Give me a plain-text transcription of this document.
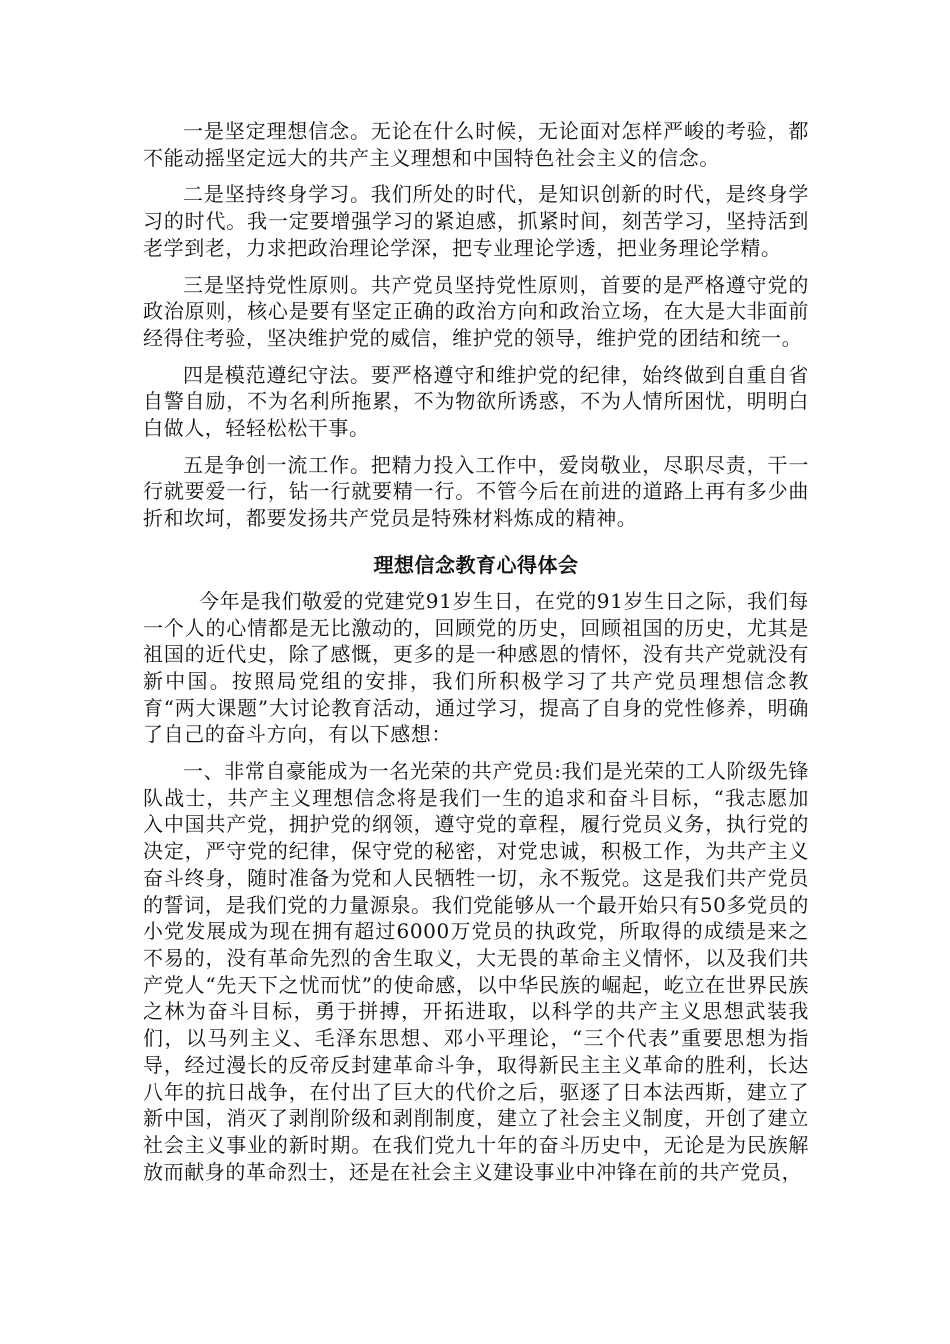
一是坚定理想信念。无论在什么时候，无论面对怎样严峻的考验，都不能动摇坚定远大的共产主义理想和中国特色社会主义的信念。

二是坚持终身学习。我们所处的时代，是知识创新的时代，是终身学习的时代。我一定要增强学习的紧迫感，抓紧时间，刻苦学习，坚持活到老学到老，力求把政治理论学深，把专业理论学透，把业务理论学精。

三是坚持党性原则。共产党员坚持党性原则，首要的是严格遵守党的政治原则，核心是要有坚定正确的政治方向和政治立场，在大是大非面前经得住考验，坚决维护党的威信，维护党的领导，维护党的团结和统一。

四是模范遵纪守法。要严格遵守和维护党的纪律，始终做到自重自省自警自励，不为名利所拖累，不为物欲所诱惑，不为人情所困忧，明明白白做人，轻轻松松干事。

五是争创一流工作。把精力投入工作中，爱岗敬业，尽职尽责，干一行就要爱一行，钻一行就要精一行。不管今后在前进的道路上再有多少曲折和坎坷，都要发扬共产党员是特殊材料炼成的精神。

理想信念教育心得体会

今年是我们敬爱的党建党91岁生日，在党的91岁生日之际，我们每一个人的心情都是无比激动的，回顾党的历史，回顾祖国的历史，尤其是祖国的近代史，除了感慨，更多的是一种感恩的情怀，没有共产党就没有新中国。按照局党组的安排，我们所积极学习了共产党员理想信念教育“两大课题”大讨论教育活动，通过学习，提高了自身的党性修养，明确了自己的奋斗方向，有以下感想：

一、非常自豪能成为一名光荣的共产党员:我们是光荣的工人阶级先锋队战士，共产主义理想信念将是我们一生的追求和奋斗目标，“我志愿加入中国共产党，拥护党的纲领，遵守党的章程，履行党员义务，执行党的决定，严守党的纪律，保守党的秘密，对党忠诚，积极工作，为共产主义奋斗终身，随时准备为党和人民牺牲一切，永不叛党。这是我们共产党员的誓词，是我们党的力量源泉。我们党能够从一个最开始只有50多党员的小党发展成为现在拥有超过6000万党员的执政党，所取得的成绩是来之不易的，没有革命先烈的舍生取义，大无畏的革命主义情怀，以及我们共产党人“先天下之忧而忧”的使命感，以中华民族的崛起，屹立在世界民族之林为奋斗目标，勇于拼搏，开拓进取，以科学的共产主义思想武装我们，以马列主义、毛泽东思想、邓小平理论，“三个代表”重要思想为指导，经过漫长的反帝反封建革命斗争，取得新民主主义革命的胜利，长达八年的抗日战争，在付出了巨大的代价之后，驱逐了日本法西斯，建立了新中国，消灭了剥削阶级和剥削制度，建立了社会主义制度，开创了建立社会主义事业的新时期。在我们党九十年的奋斗历史中，无论是为民族解放而献身的革命烈士，还是在社会主义建设事业中冲锋在前的共产党员，
